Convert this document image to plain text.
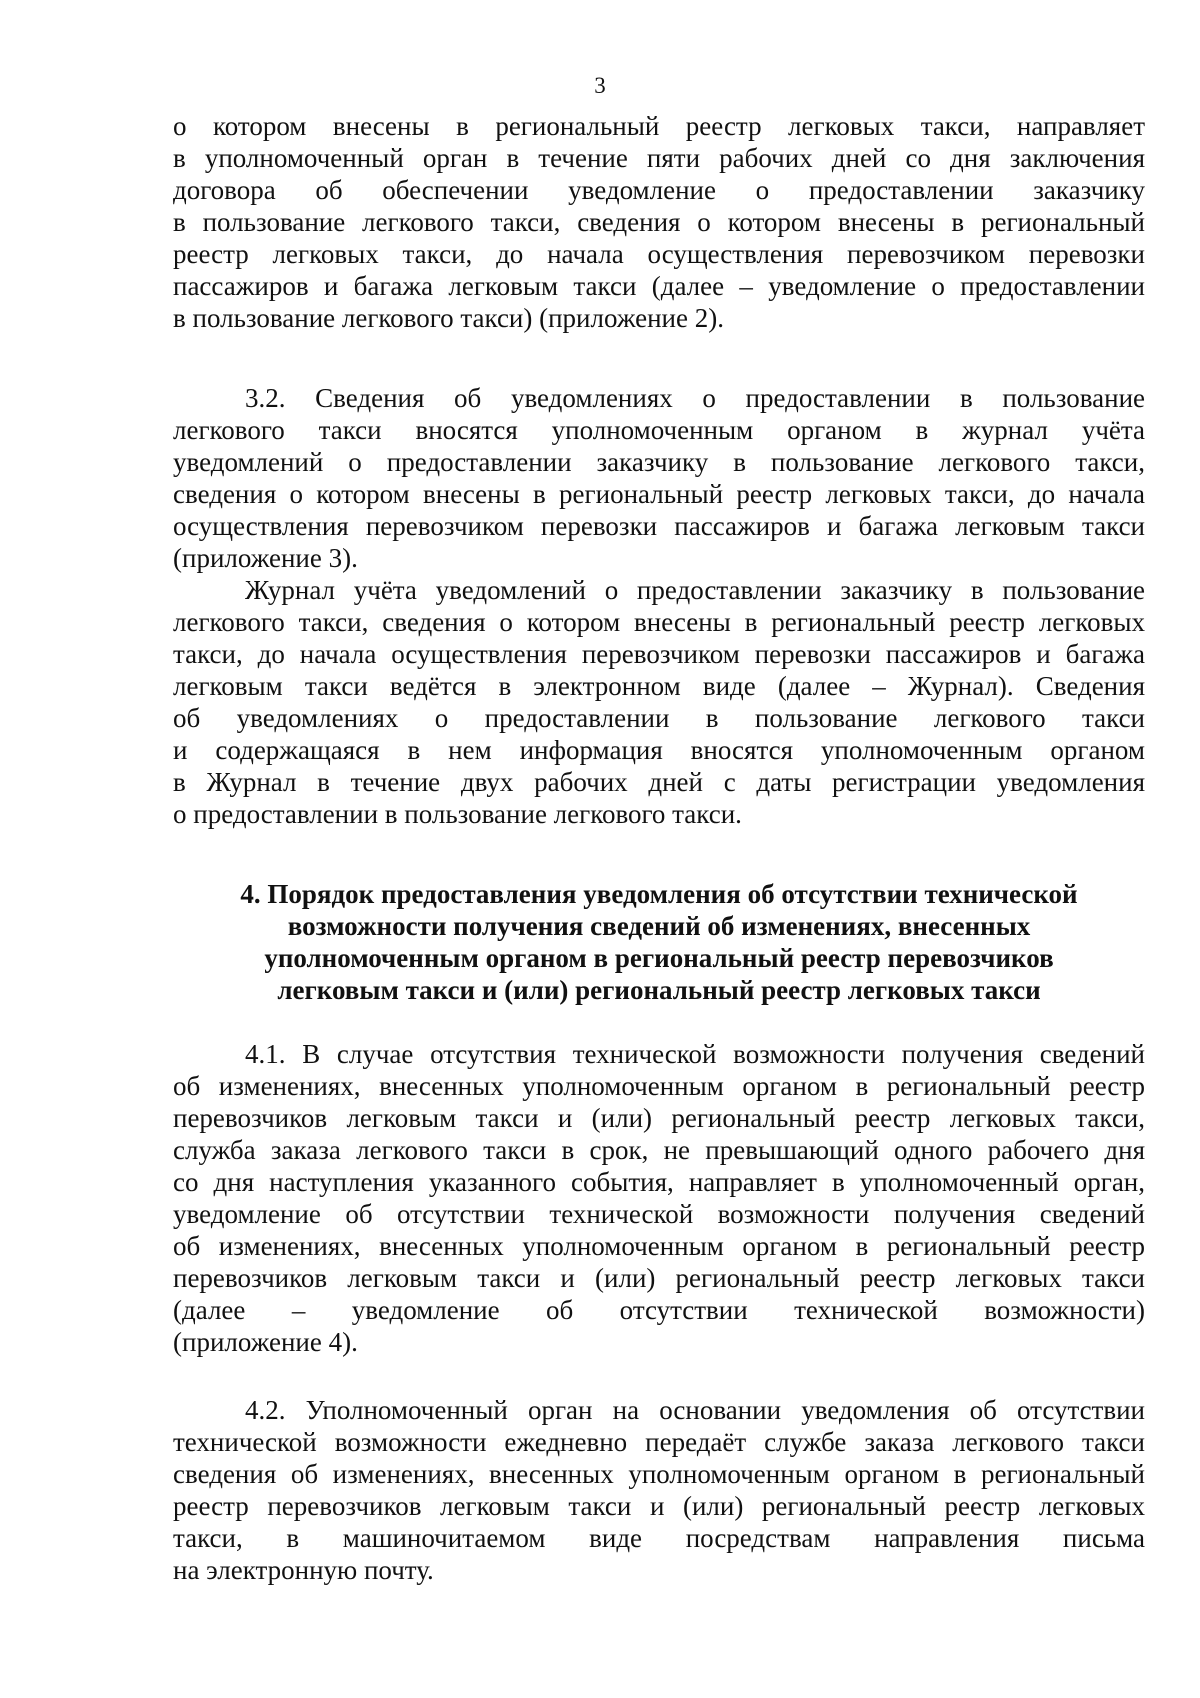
3
о котором внесены в региональный реестр легковых такси, направляет
в уполномоченный орган в течение пяти рабочих дней со дня заключения
договора об обеспечении уведомление о предоставлении заказчику
в пользование легкового такси, сведения о котором внесены в региональный
реестр легковых такси, до начала осуществления перевозчиком перевозки
пассажиров и багажа легковым такси (далее – уведомление о предоставлении
в пользование легкового такси) (приложение 2).
3.2. Сведения об уведомлениях о предоставлении в пользование
легкового такси вносятся уполномоченным органом в журнал учёта
уведомлений о предоставлении заказчику в пользование легкового такси,
сведения о котором внесены в региональный реестр легковых такси, до начала
осуществления перевозчиком перевозки пассажиров и багажа легковым такси
(приложение 3).
Журнал учёта уведомлений о предоставлении заказчику в пользование
легкового такси, сведения о котором внесены в региональный реестр легковых
такси, до начала осуществления перевозчиком перевозки пассажиров и багажа
легковым такси ведётся в электронном виде (далее – Журнал). Сведения
об уведомлениях о предоставлении в пользование легкового такси
и содержащаяся в нем информация вносятся уполномоченным органом
в Журнал в течение двух рабочих дней с даты регистрации уведомления
о предоставлении в пользование легкового такси.
4. Порядок предоставления уведомления об отсутствии технической
возможности получения сведений об изменениях, внесенных
уполномоченным органом в региональный реестр перевозчиков
легковым такси и (или) региональный реестр легковых такси
4.1. В случае отсутствия технической возможности получения сведений
об изменениях, внесенных уполномоченным органом в региональный реестр
перевозчиков легковым такси и (или) региональный реестр легковых такси,
служба заказа легкового такси в срок, не превышающий одного рабочего дня
со дня наступления указанного события, направляет в уполномоченный орган,
уведомление об отсутствии технической возможности получения сведений
об изменениях, внесенных уполномоченным органом в региональный реестр
перевозчиков легковым такси и (или) региональный реестр легковых такси
(далее – уведомление об отсутствии технической возможности)
(приложение 4).
4.2. Уполномоченный орган на основании уведомления об отсутствии
технической возможности ежедневно передаёт службе заказа легкового такси
сведения об изменениях, внесенных уполномоченным органом в региональный
реестр перевозчиков легковым такси и (или) региональный реестр легковых
такси, в машиночитаемом виде посредствам направления письма
на электронную почту.
